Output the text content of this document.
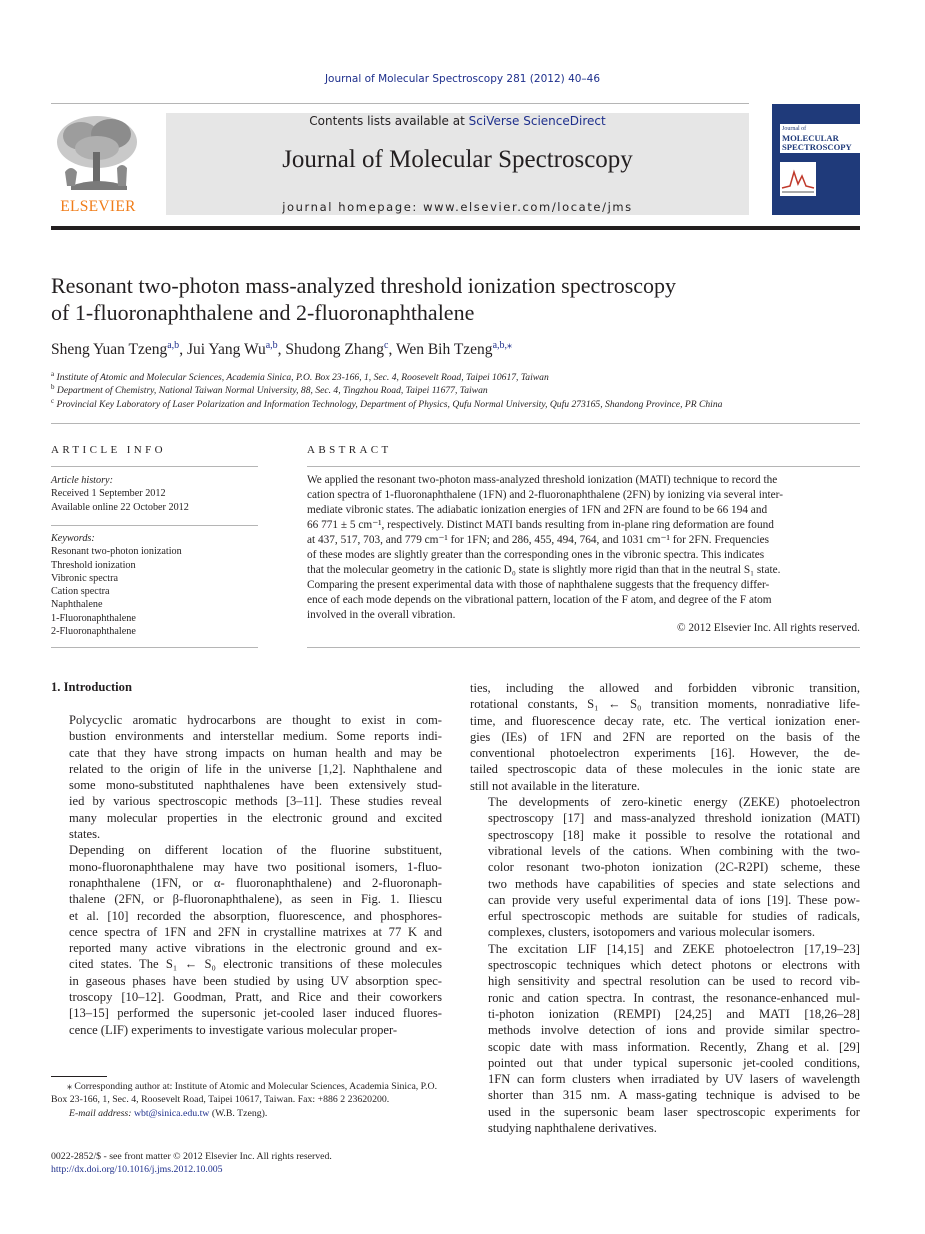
Journal of Molecular Spectroscopy 281 (2012) 40–46
ELSEVIER
Contents lists available at SciVerse ScienceDirect
Journal of Molecular Spectroscopy
journal homepage: www.elsevier.com/locate/jms
Journal of
MOLECULAR
SPECTROSCOPY
Resonant two-photon mass-analyzed threshold ionization spectroscopy
of 1-fluoronaphthalene and 2-fluoronaphthalene
Sheng Yuan Tzeng$^{a,b}$, Jui Yang Wu$^{a,b}$, Shudong Zhang$^c$, Wen Bih Tzeng$^{a,b,⁎}$
$^a$ Institute of Atomic and Molecular Sciences, Academia Sinica, P.O. Box 23-166, 1, Sec. 4, Roosevelt Road, Taipei 10617, Taiwan
$^b$ Department of Chemistry, National Taiwan Normal University, 88, Sec. 4, Tingzhou Road, Taipei 11677, Taiwan
$^c$ Provincial Key Laboratory of Laser Polarization and Information Technology, Department of Physics, Qufu Normal University, Qufu 273165, Shandong Province, PR China
ARTICLE INFO
Article history:
Received 1 September 2012
Available online 22 October 2012
Keywords:
Resonant two-photon ionization
Threshold ionization
Vibronic spectra
Cation spectra
Naphthalene
1-Fluoronaphthalene
2-Fluoronaphthalene
ABSTRACT
We applied the resonant two-photon mass-analyzed threshold ionization (MATI) technique to record the
cation spectra of 1-fluoronaphthalene (1FN) and 2-fluoronaphthalene (2FN) by ionizing via several inter-
mediate vibronic states. The adiabatic ionization energies of 1FN and 2FN are found to be 66 194 and
66 771 ± 5 cm⁻¹, respectively. Distinct MATI bands resulting from in-plane ring deformation are found
at 437, 517, 703, and 779 cm⁻¹ for 1FN; and 286, 455, 494, 764, and 1031 cm⁻¹ for 2FN. Frequencies
of these modes are slightly greater than the corresponding ones in the vibronic spectra. This indicates
that the molecular geometry in the cationic D₀ state is slightly more rigid than that in the neutral S₁ state.
Comparing the present experimental data with those of naphthalene suggests that the frequency differ-
ence of each mode depends on the vibrational pattern, location of the F atom, and degree of the F atom
involved in the overall vibration.
© 2012 Elsevier Inc. All rights reserved.
1. Introduction

Polycyclic aromatic hydrocarbons are thought to exist in com-
bustion environments and interstellar medium. Some reports indi-
cate that they have strong impacts on human health and may be
related to the origin of life in the universe [1,2]. Naphthalene and
some mono-substituted naphthalenes have been extensively stud-
ied by various spectroscopic methods [3–11]. These studies reveal
many molecular properties in the electronic ground and excited
states.

Depending on different location of the fluorine substituent,
mono-fluoronaphthalene may have two positional isomers, 1-fluo-
ronaphthalene (1FN, or α- fluoronaphthalene) and 2-fluoronaph-
thalene (2FN, or β-fluoronaphthalene), as seen in Fig. 1. Iliescu
et al. [10] recorded the absorption, fluorescence, and phosphores-
cence spectra of 1FN and 2FN in crystalline matrixes at 77 K and
reported many active vibrations in the electronic ground and ex-
cited states. The S₁ ← S₀ electronic transitions of these molecules
in gaseous phases have been studied by using UV absorption spec-
troscopy [10–12]. Goodman, Pratt, and Rice and their coworkers
[13–15] performed the supersonic jet-cooled laser induced fluores-
cence (LIF) experiments to investigate various molecular proper-

ties, including the allowed and forbidden vibronic transition,
rotational constants, S₁ ← S₀ transition moments, nonradiative life-
time, and fluorescence decay rate, etc. The vertical ionization ener-
gies (IEs) of 1FN and 2FN are reported on the basis of the
conventional photoelectron experiments [16]. However, the de-
tailed spectroscopic data of these molecules in the ionic state are
still not available in the literature.

The developments of zero-kinetic energy (ZEKE) photoelectron
spectroscopy [17] and mass-analyzed threshold ionization (MATI)
spectroscopy [18] make it possible to resolve the rotational and
vibrational levels of the cations. When combining with the two-
color resonant two-photon ionization (2C-R2PI) scheme, these
two methods have capabilities of species and state selections and
can provide very useful experimental data of ions [19]. These pow-
erful spectroscopic methods are suitable for studies of radicals,
complexes, clusters, isotopomers and various molecular isomers.

The excitation LIF [14,15] and ZEKE photoelectron [17,19–23]
spectroscopic techniques which detect photons or electrons with
high sensitivity and spectral resolution can be used to record vib-
ronic and cation spectra. In contrast, the resonance-enhanced mul-
ti-photon ionization (REMPI) [24,25] and MATI [18,26–28]
methods involve detection of ions and provide similar spectro-
scopic date with mass information. Recently, Zhang et al. [29]
pointed out that under typical supersonic jet-cooled conditions,
1FN can form clusters when irradiated by UV lasers of wavelength
shorter than 315 nm. A mass-gating technique is advised to be
used in the supersonic beam laser spectroscopic experiments for
studying naphthalene derivatives.

⁎ Corresponding author at: Institute of Atomic and Molecular Sciences, Academia Sinica, P.O. Box 23-166, 1, Sec. 4, Roosevelt Road, Taipei 10617, Taiwan. Fax: +886 2 23620200.
E-mail address: wbt@sinica.edu.tw (W.B. Tzeng).
0022-2852/$ - see front matter © 2012 Elsevier Inc. All rights reserved.
http://dx.doi.org/10.1016/j.jms.2012.10.005
